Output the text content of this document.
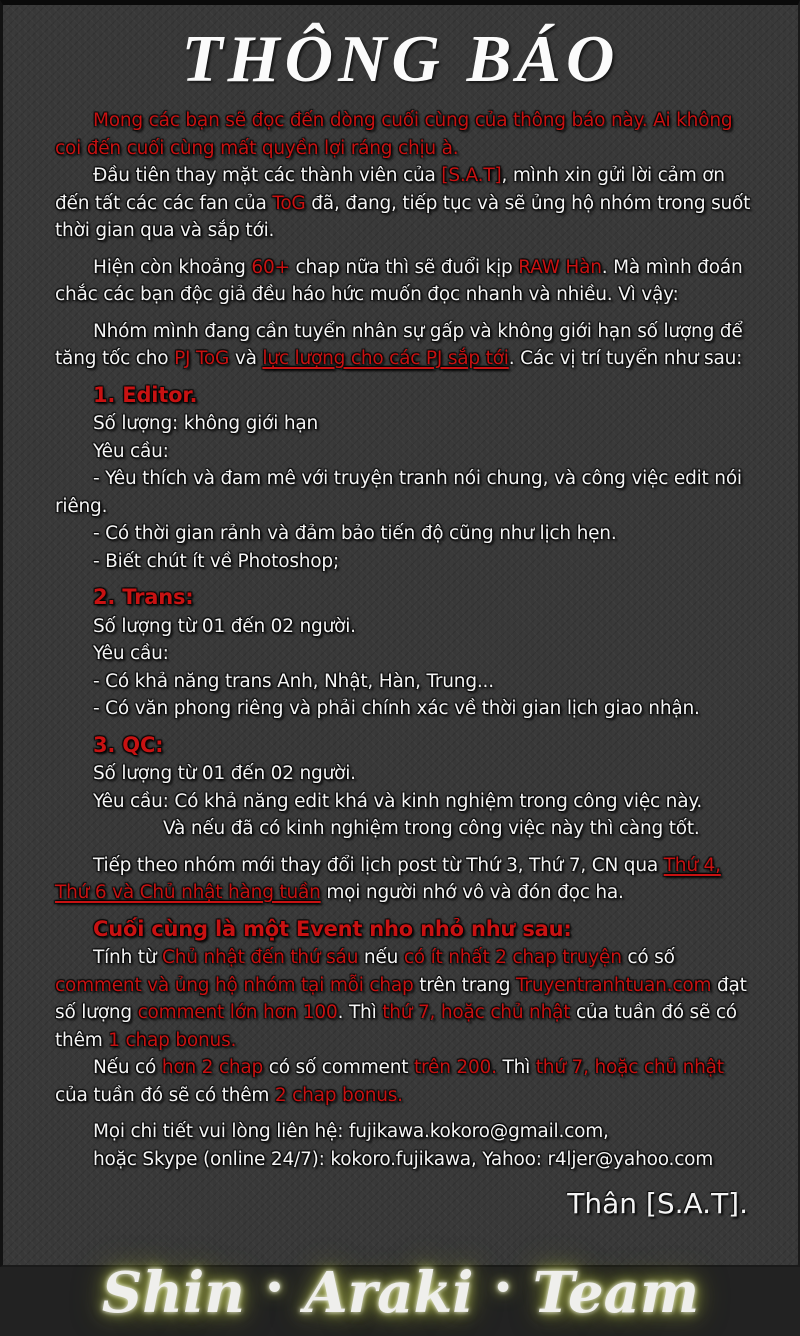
THÔNG BÁO
Mong các bạn sẽ đọc đến dòng cuối cùng của thông báo này. Ai không coi đến cuối cùng mất quyền lợi ráng chịu à.
Đầu tiên thay mặt các thành viên của [S.A.T], mình xin gửi lời cảm ơn đến tất các các fan của ToG đã, đang, tiếp tục và sẽ ủng hộ nhóm trong suốt thời gian qua và sắp tới.
Hiện còn khoảng 60+ chap nữa thì sẽ đuổi kịp RAW Hàn. Mà mình đoán chắc các bạn độc giả đều háo hức muốn đọc nhanh và nhiều. Vì vậy:
Nhóm mình đang cần tuyển nhân sự gấp và không giới hạn số lượng để tăng tốc cho PJ ToG và lực lượng cho các PJ sắp tới. Các vị trí tuyển như sau:
1. Editor.
Số lượng: không giới hạn
Yêu cầu:
- Yêu thích và đam mê với truyện tranh nói chung, và công việc edit nói riêng.
- Có thời gian rảnh và đảm bảo tiến độ cũng như lịch hẹn.
- Biết chút ít về Photoshop;
2. Trans:
Số lượng từ 01 đến 02 người.
Yêu cầu:
- Có khả năng trans Anh, Nhật, Hàn, Trung...
- Có văn phong riêng và phải chính xác về thời gian lịch giao nhận.
3. QC:
Số lượng từ 01 đến 02 người.
Yêu cầu: Có khả năng edit khá và kinh nghiệm trong công việc này.
Và nếu đã có kinh nghiệm trong công việc này thì càng tốt.
Tiếp theo nhóm mới thay đổi lịch post từ Thứ 3, Thứ 7, CN qua Thứ 4, Thứ 6 và Chủ nhật hàng tuần mọi người nhớ vô và đón đọc ha.
Cuối cùng là một Event nho nhỏ như sau:
Tính từ Chủ nhật đến thứ sáu nếu có ít nhất 2 chap truyện có số comment và ủng hộ nhóm tại mỗi chap trên trang Truyentranhtuan.com đạt số lượng comment lớn hơn 100. Thì thứ 7, hoặc chủ nhật của tuần đó sẽ có thêm 1 chap bonus.
Nếu có hơn 2 chap có số comment trên 200. Thì thứ 7, hoặc chủ nhật của tuần đó sẽ có thêm 2 chap bonus.
Mọi chi tiết vui lòng liên hệ: fujikawa.kokoro@gmail.com,
hoặc Skype (online 24/7): kokoro.fujikawa, Yahoo: r4ljer@yahoo.com
Thân [S.A.T].
Shin • Araki • Team
